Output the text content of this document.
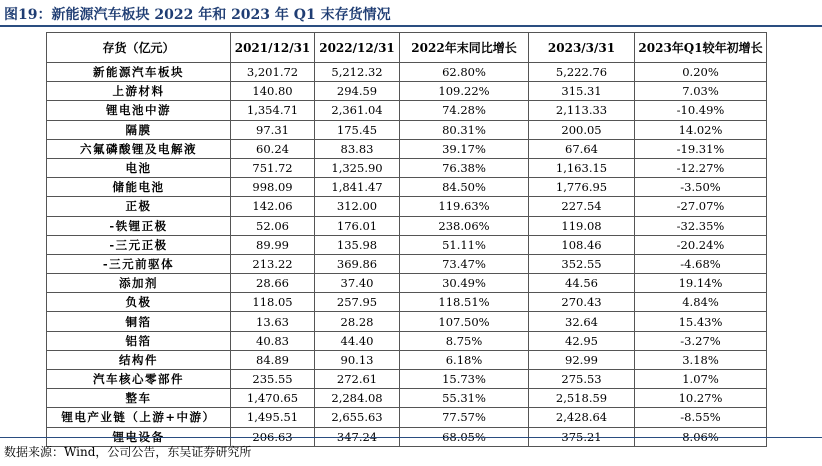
图19：新能源汽车板块 2022 年和 2023 年 Q1 末存货情况
存货（亿元）	2021/12/31	2022/12/31	2022年末同比增长	2023/3/31	2023年Q1较年初增长
新能源汽车板块	3,201.72	5,212.32	62.80%	5,222.76	0.20%
上游材料	140.80	294.59	109.22%	315.31	7.03%
锂电池中游	1,354.71	2,361.04	74.28%	2,113.33	-10.49%
隔膜	97.31	175.45	80.31%	200.05	14.02%
六氟磷酸锂及电解液	60.24	83.83	39.17%	67.64	-19.31%
电池	751.72	1,325.90	76.38%	1,163.15	-12.27%
储能电池	998.09	1,841.47	84.50%	1,776.95	-3.50%
正极	142.06	312.00	119.63%	227.54	-27.07%
-铁锂正极	52.06	176.01	238.06%	119.08	-32.35%
-三元正极	89.99	135.98	51.11%	108.46	-20.24%
-三元前驱体	213.22	369.86	73.47%	352.55	-4.68%
添加剂	28.66	37.40	30.49%	44.56	19.14%
负极	118.05	257.95	118.51%	270.43	4.84%
铜箔	13.63	28.28	107.50%	32.64	15.43%
铝箔	40.83	44.40	8.75%	42.95	-3.27%
结构件	84.89	90.13	6.18%	92.99	3.18%
汽车核心零部件	235.55	272.61	15.73%	275.53	1.07%
整车	1,470.65	2,284.08	55.31%	2,518.59	10.27%
锂电产业链（上游+中游）	1,495.51	2,655.63	77.57%	2,428.64	-8.55%
锂电设备	206.63	347.24	68.05%	375.21	8.06%
数据来源：Wind，公司公告，东吴证券研究所
